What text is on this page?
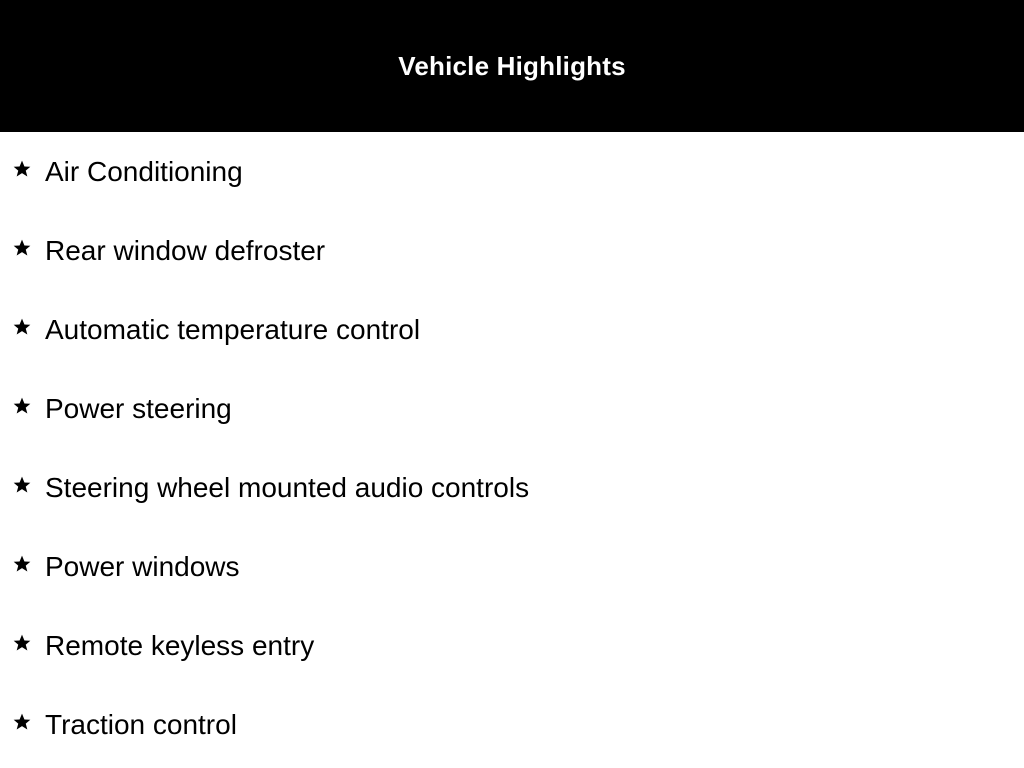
Vehicle Highlights
Air Conditioning
Rear window defroster
Automatic temperature control
Power steering
Steering wheel mounted audio controls
Power windows
Remote keyless entry
Traction control
